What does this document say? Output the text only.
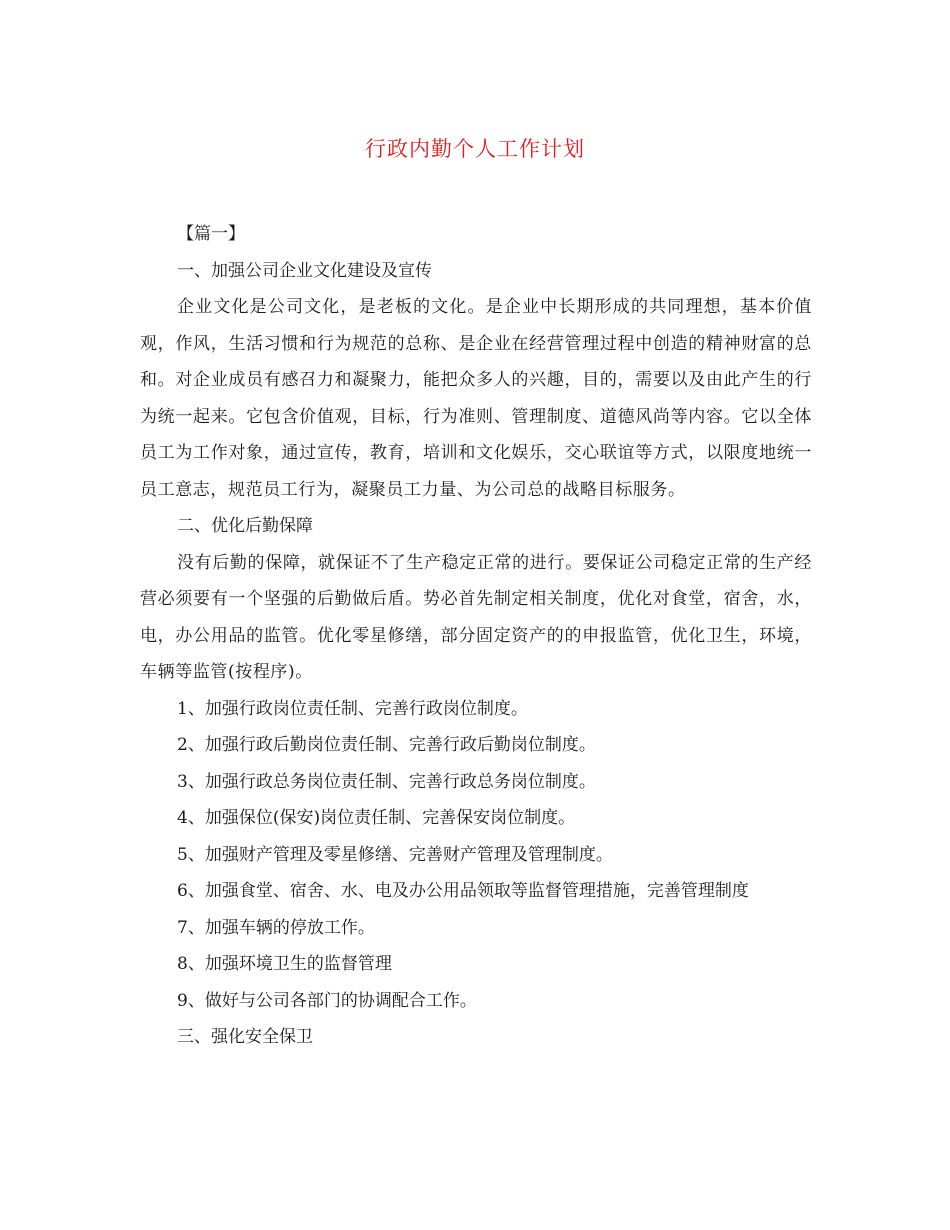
行政内勤个人工作计划

【篇一】

一、加强公司企业文化建设及宣传

企业文化是公司文化，是老板的文化。是企业中长期形成的共同理想，基本价值观，作风，生活习惯和行为规范的总称、是企业在经营管理过程中创造的精神财富的总和。对企业成员有感召力和凝聚力，能把众多人的兴趣，目的，需要以及由此产生的行为统一起来。它包含价值观，目标，行为准则、管理制度、道德风尚等内容。它以全体员工为工作对象，通过宣传，教育，培训和文化娱乐，交心联谊等方式，以限度地统一员工意志，规范员工行为，凝聚员工力量、为公司总的战略目标服务。

二、优化后勤保障

没有后勤的保障，就保证不了生产稳定正常的进行。要保证公司稳定正常的生产经营必须要有一个坚强的后勤做后盾。势必首先制定相关制度，优化对食堂，宿舍，水，电，办公用品的监管。优化零星修缮，部分固定资产的的申报监管，优化卫生，环境，车辆等监管(按程序)。

1、加强行政岗位责任制、完善行政岗位制度。

2、加强行政后勤岗位责任制、完善行政后勤岗位制度。

3、加强行政总务岗位责任制、完善行政总务岗位制度。

4、加强保位(保安)岗位责任制、完善保安岗位制度。

5、加强财产管理及零星修缮、完善财产管理及管理制度。

6、加强食堂、宿舍、水、电及办公用品领取等监督管理措施，完善管理制度

7、加强车辆的停放工作。

8、加强环境卫生的监督管理

9、做好与公司各部门的协调配合工作。

三、强化安全保卫
